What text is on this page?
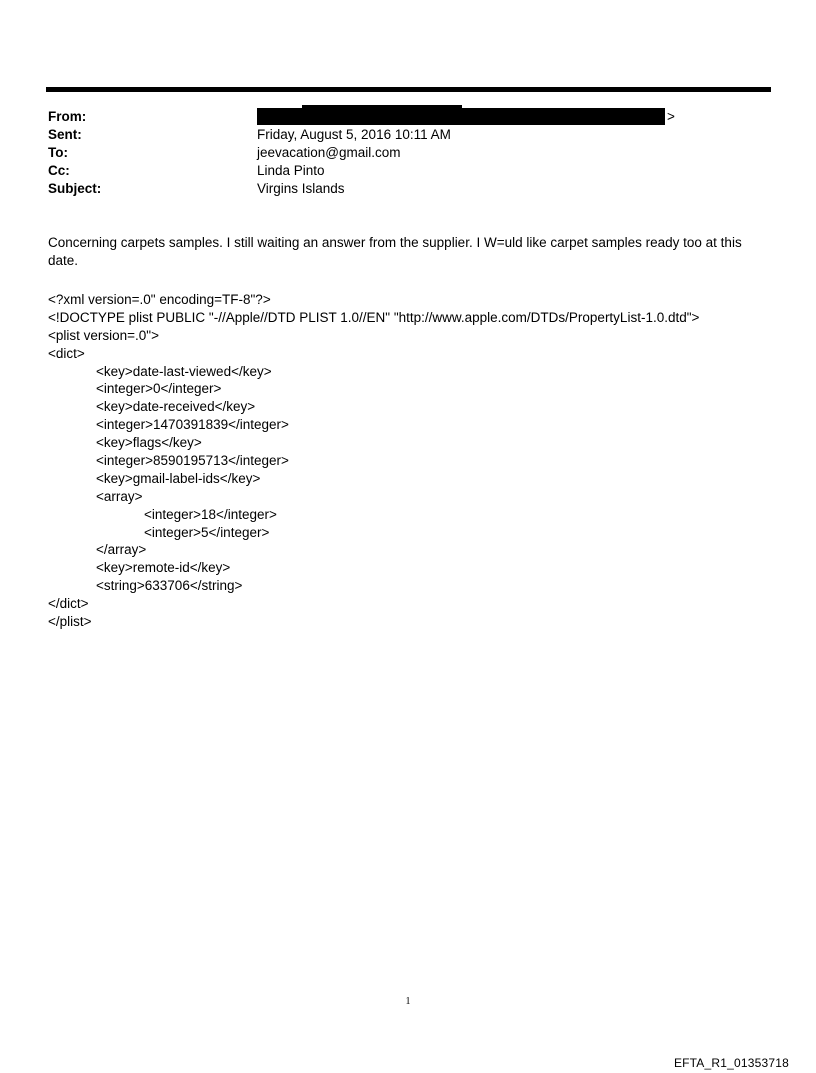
From:	>
Sent:	Friday, August 5, 2016 10:11 AM
To:	jeevacation@gmail.com
Cc:	Linda Pinto
Subject:	Virgins Islands
Concerning carpets samples. I still waiting an answer from the supplier. I W=uld like carpet samples ready too at this
date.
<?xml version=.0" encoding=TF-8"?>
<!DOCTYPE plist PUBLIC "-//Apple//DTD PLIST 1.0//EN" "http://www.apple.com/DTDs/PropertyList-1.0.dtd">
<plist version=.0">
<dict>
<key>date-last-viewed</key>
<integer>0</integer>
<key>date-received</key>
<integer>1470391839</integer>
<key>flags</key>
<integer>8590195713</integer>
<key>gmail-label-ids</key>
<array>
<integer>18</integer>
<integer>5</integer>
</array>
<key>remote-id</key>
<string>633706</string>
</dict>
</plist>
1
EFTA_R1_01353718
